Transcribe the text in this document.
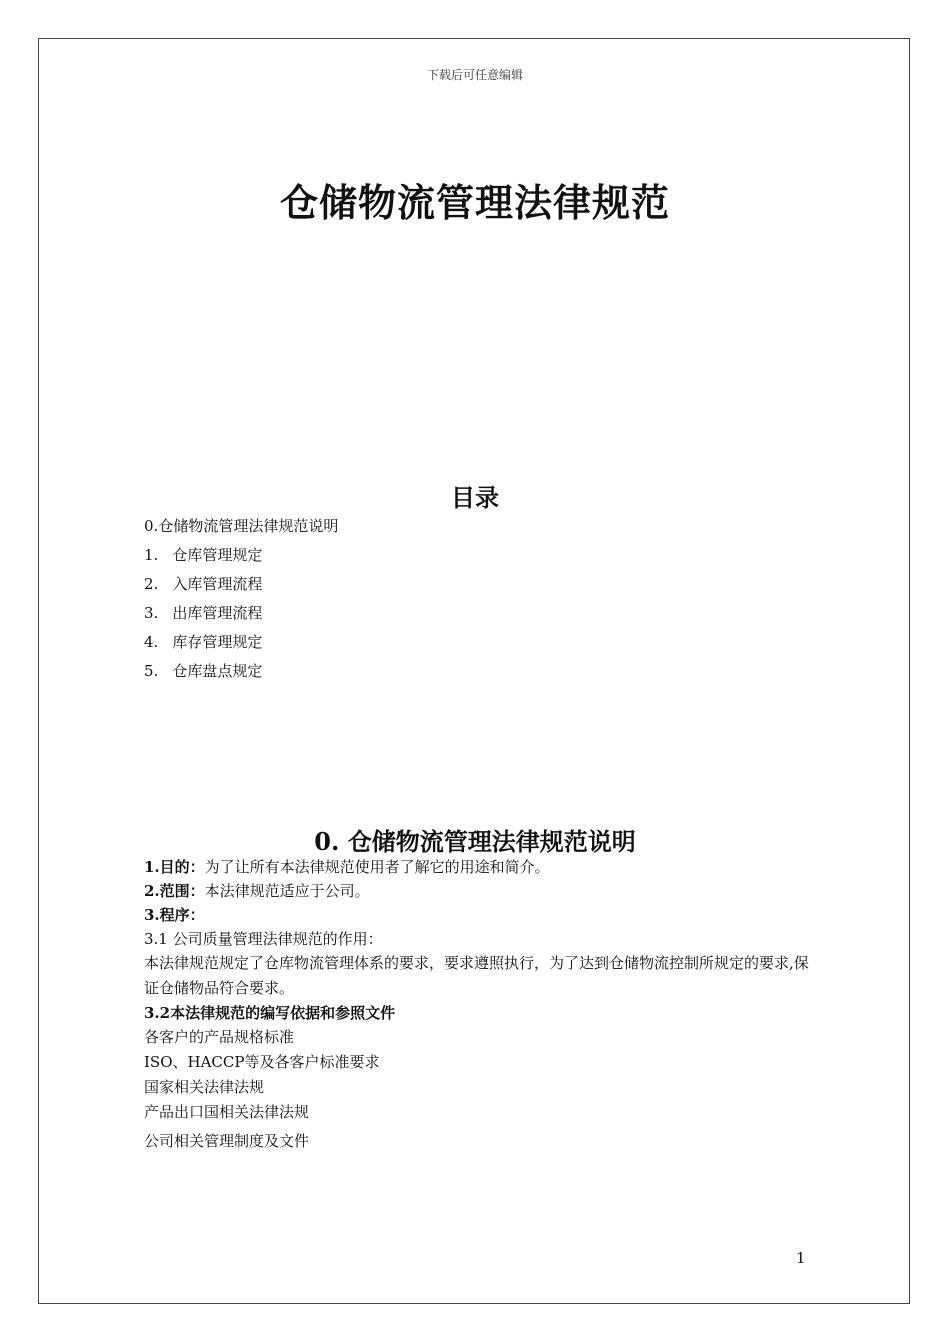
下载后可任意编辑
仓储物流管理法律规范
目录
0.仓储物流管理法律规范说明
1. 仓库管理规定
2. 入库管理流程
3. 出库管理流程
4. 库存管理规定
5. 仓库盘点规定
0. 仓储物流管理法律规范说明

1.目的：为了让所有本法律规范使用者了解它的用途和简介。

2.范围：本法律规范适应于公司。

3.程序：

3.1 公司质量管理法律规范的作用：

本法律规范规定了仓库物流管理体系的要求，要求遵照执行，为了达到仓储物流控制所规定的要求,保证仓储物品符合要求。

3.2本法律规范的编写依据和参照文件

各客户的产品规格标准

ISO、HACCP等及各客户标准要求

国家相关法律法规

产品出口国相关法律法规

公司相关管理制度及文件

1
